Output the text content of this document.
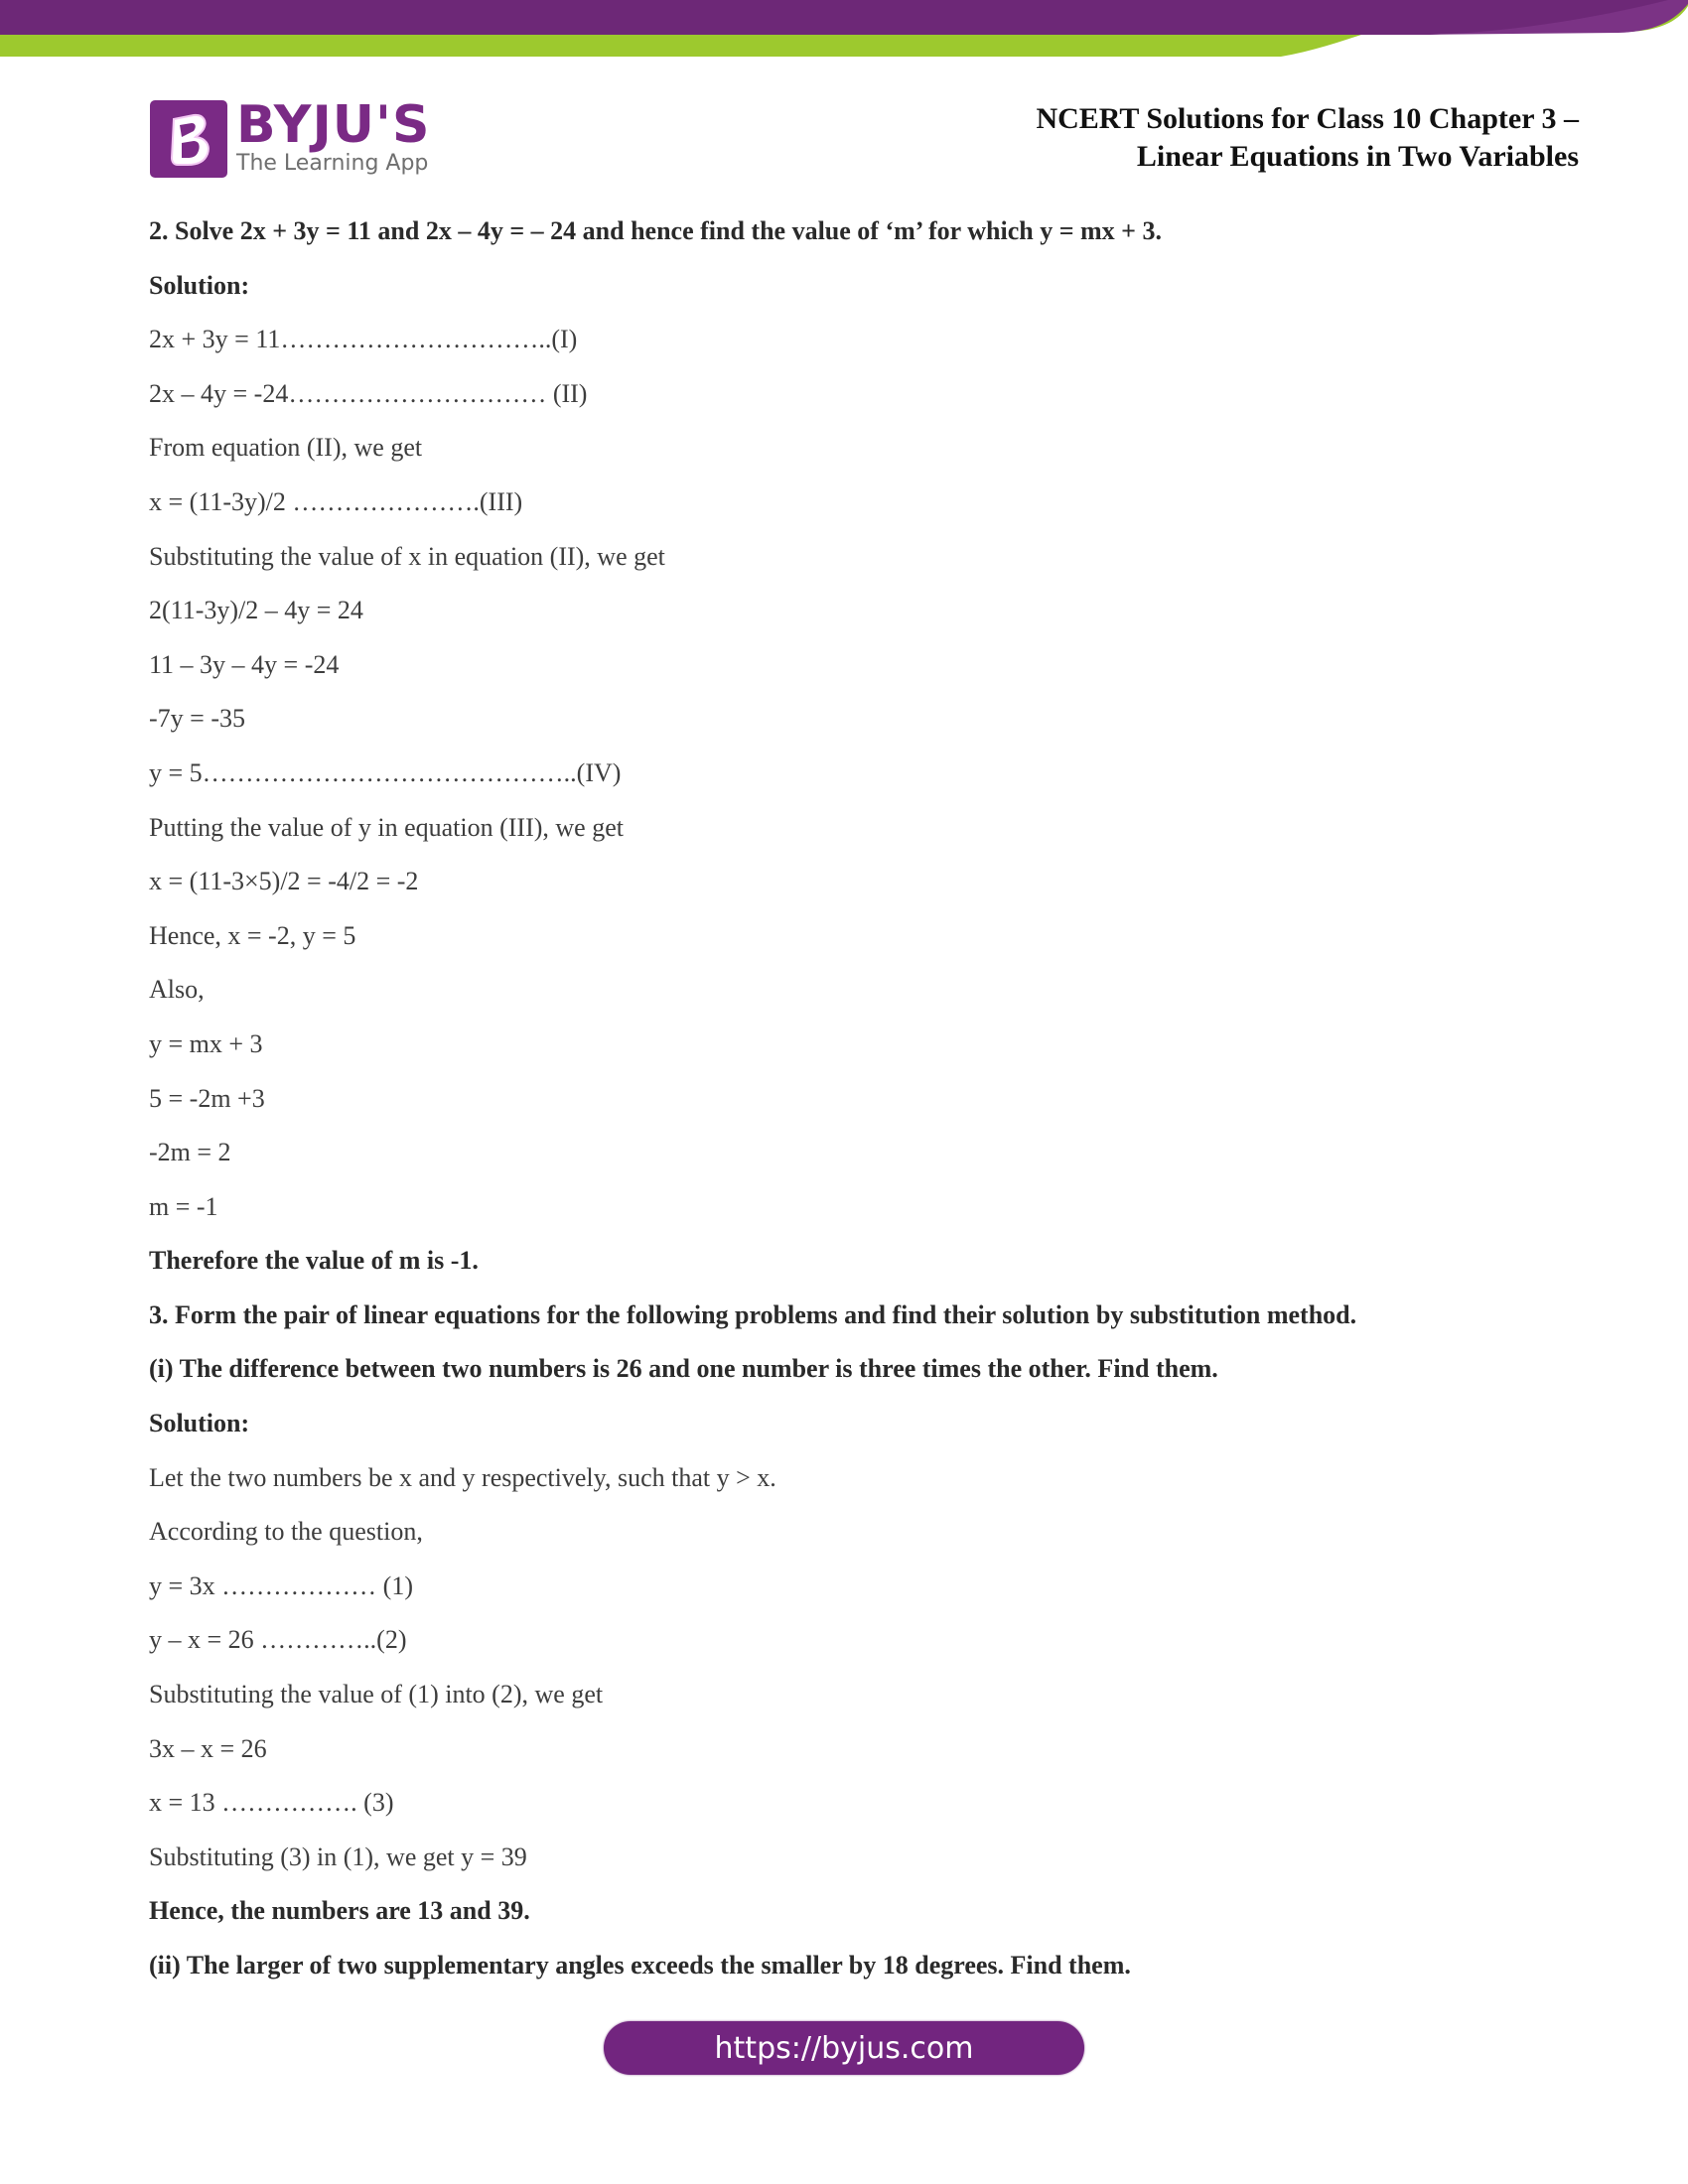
BYJU'S
The Learning App
NCERT Solutions for Class 10 Chapter 3 –
Linear Equations in Two Variables
2. Solve 2x + 3y = 11 and 2x – 4y = – 24 and hence find the value of ‘m’ for which y = mx + 3.
Solution:
2x + 3y = 11…………………………..(I)
2x – 4y = -24………………………… (II)
From equation (II), we get
x = (11-3y)/2 ………………….(III)
Substituting the value of x in equation (II), we get
2(11-3y)/2 – 4y = 24
11 – 3y – 4y = -24
-7y = -35
y = 5……………………………………..(IV)
Putting the value of y in equation (III), we get
x = (11-3×5)/2 = -4/2 = -2
Hence, x = -2, y = 5
Also,
y = mx + 3
5 = -2m +3
-2m = 2
m = -1
Therefore the value of m is -1.
3. Form the pair of linear equations for the following problems and find their solution by substitution method.
(i) The difference between two numbers is 26 and one number is three times the other. Find them.
Solution:
Let the two numbers be x and y respectively, such that y > x.
According to the question,
y = 3x ……………… (1)
y – x = 26 …………..(2)
Substituting the value of (1) into (2), we get
3x – x = 26
x = 13 ……………. (3)
Substituting (3) in (1), we get y = 39
Hence, the numbers are 13 and 39.
(ii) The larger of two supplementary angles exceeds the smaller by 18 degrees. Find them.
https://byjus.com
